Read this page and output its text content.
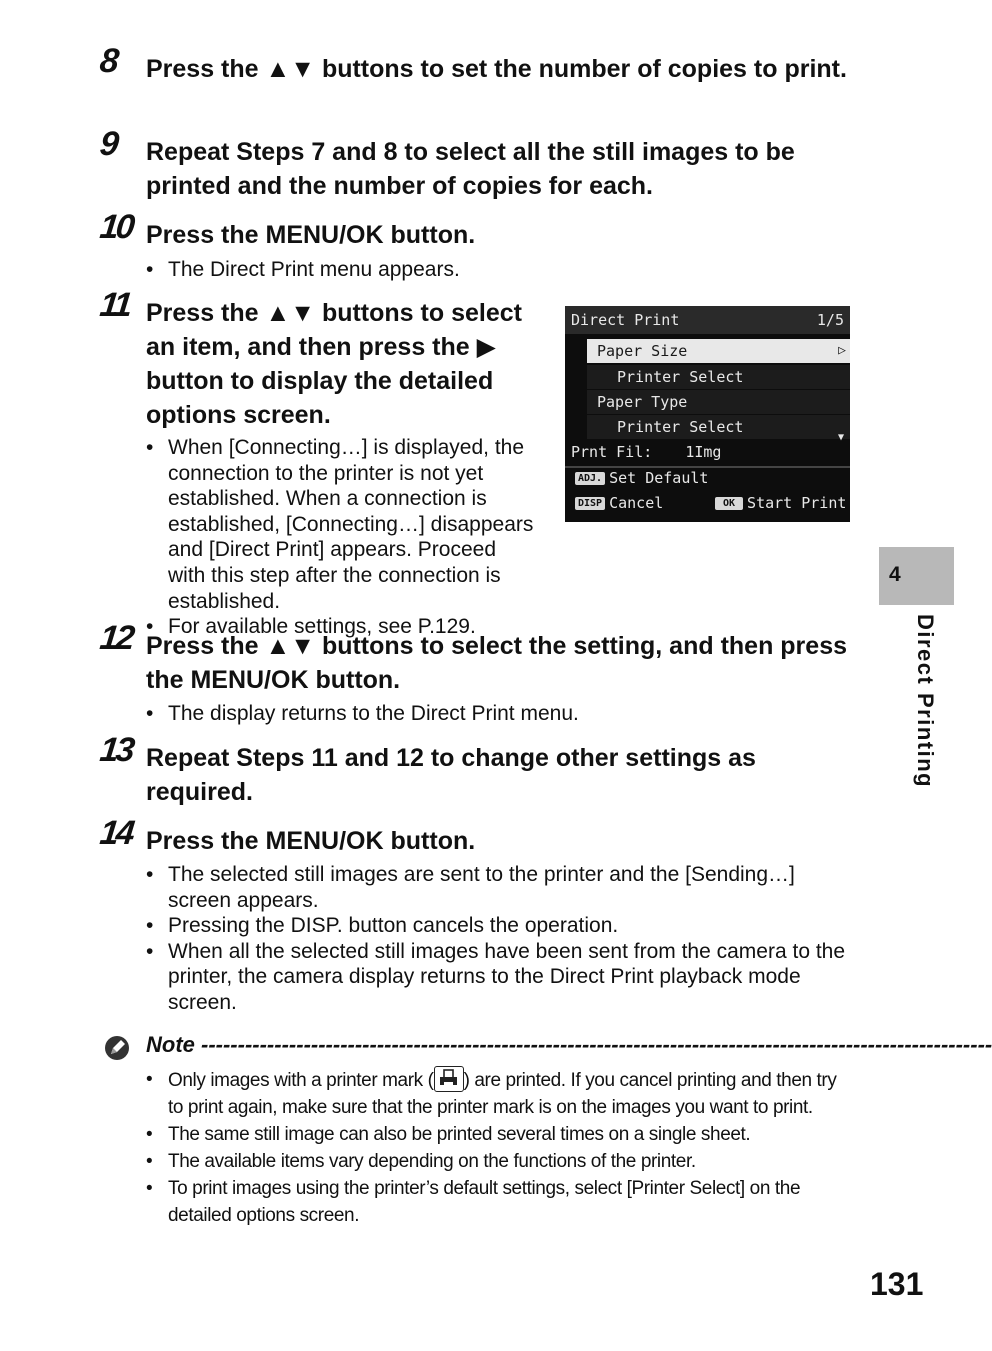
8 Press the ▲▼ buttons to set the number of copies to print.
9 Repeat Steps 7 and 8 to select all the still images to be printed and the number of copies for each.
10 Press the MENU/OK button.
• The Direct Print menu appears.
11 Press the ▲▼ buttons to select an item, and then press the ▶ button to display the detailed options screen.
• When [Connecting…] is displayed, the connection to the printer is not yet established. When a connection is established, [Connecting…] disappears and [Direct Print] appears. Proceed with this step after the connection is established.
• For available settings, see P.129.
Direct Print	1/5
Paper Size	▷
Printer Select
Paper Type
Printer Select
▼
Prnt Fil: 1Img
ADJ. Set Default
DISP Cancel	OK Start Print
12 Press the ▲▼ buttons to select the setting, and then press the MENU/OK button.
• The display returns to the Direct Print menu.
13 Repeat Steps 11 and 12 to change other settings as required.
14 Press the MENU/OK button.
• The selected still images are sent to the printer and the [Sending…] screen appears.
• Pressing the DISP. button cancels the operation.
• When all the selected still images have been sent from the camera to the printer, the camera display returns to the Direct Print playback mode screen.
4
Direct Printing
Note ------------------------------------------------------------------------------------------------------------
• Only images with a printer mark ( ) are printed. If you cancel printing and then try to print again, make sure that the printer mark is on the images you want to print.
• The same still image can also be printed several times on a single sheet.
• The available items vary depending on the functions of the printer.
• To print images using the printer’s default settings, select [Printer Select] on the detailed options screen.
131
